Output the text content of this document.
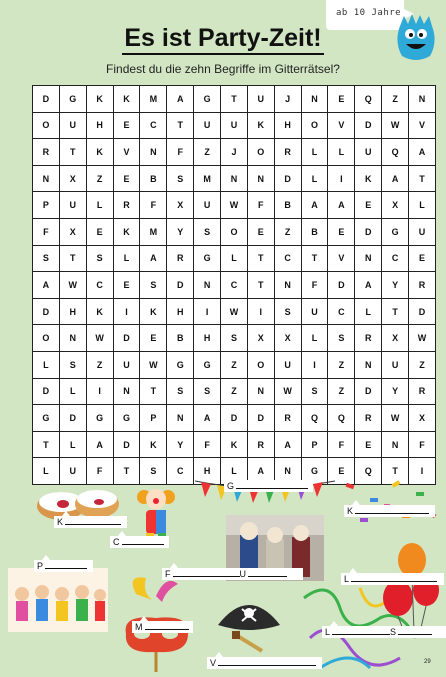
ab 10 Jahre
Es ist Party-Zeit!
Findest du die zehn Begriffe im Gitterrätsel?
D	G	K	K	M	A	G	T	U	J	N	E	Q	Z	N
O	U	H	E	C	T	U	U	K	H	O	V	D	W	V
R	T	K	V	N	F	Z	J	O	R	L	L	U	Q	A
N	X	Z	E	B	S	M	N	N	D	L	I	K	A	T
P	U	L	R	F	X	U	W	F	B	A	A	E	X	L
F	X	E	K	M	Y	S	O	E	Z	B	E	D	G	U
S	T	S	L	A	R	G	L	T	C	T	V	N	C	E
A	W	C	E	S	D	N	C	T	N	F	D	A	Y	R
D	H	K	I	K	H	I	W	I	S	U	C	L	T	D
O	N	W	D	E	B	H	S	X	X	L	S	R	X	W
L	S	Z	U	W	G	G	Z	O	U	I	Z	N	U	Z
D	L	I	N	T	S	S	Z	N	W	S	Z	D	Y	R
G	D	G	G	P	N	A	D	D	R	Q	Q	R	W	X
T	L	A	D	K	Y	F	K	R	A	P	F	E	N	F
L	U	F	T	S	C	H	L	A	N	G	E	Q	T	I
K
C
G
K
P
F	U	L
M	L	S
V	29
